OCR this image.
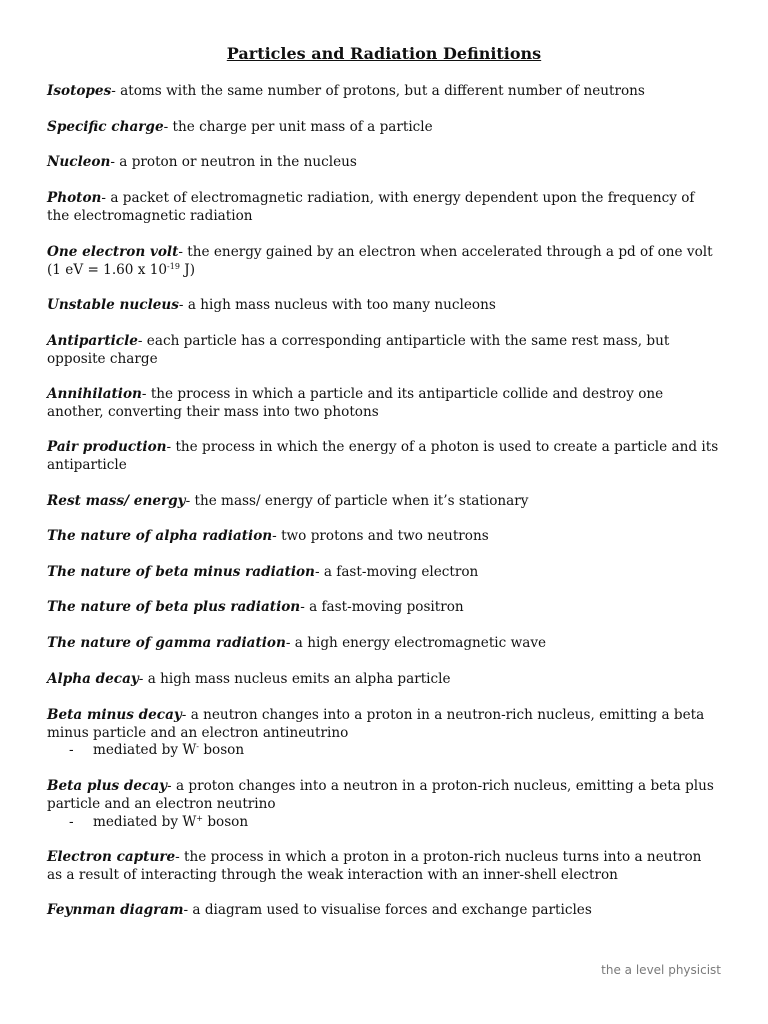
Particles and Radiation Definitions

Isotopes- atoms with the same number of protons, but a different number of neutrons

Specific charge- the charge per unit mass of a particle

Nucleon- a proton or neutron in the nucleus

Photon- a packet of electromagnetic radiation, with energy dependent upon the frequency of the electromagnetic radiation

One electron volt- the energy gained by an electron when accelerated through a pd of one volt (1 eV = 1.60 x $10^{-19}$ J)

Unstable nucleus- a high mass nucleus with too many nucleons

Antiparticle- each particle has a corresponding antiparticle with the same rest mass, but opposite charge

Annihilation- the process in which a particle and its antiparticle collide and destroy one another, converting their mass into two photons

Pair production- the process in which the energy of a photon is used to create a particle and its antiparticle

Rest mass/ energy- the mass/ energy of particle when it’s stationary

The nature of alpha radiation- two protons and two neutrons

The nature of beta minus radiation- a fast-moving electron

The nature of beta plus radiation- a fast-moving positron

The nature of gamma radiation- a high energy electromagnetic wave

Alpha decay- a high mass nucleus emits an alpha particle

Beta minus decay- a neutron changes into a proton in a neutron-rich nucleus, emitting a beta minus particle and an electron antineutrino

- mediated by W- boson

Beta plus decay- a proton changes into a neutron in a proton-rich nucleus, emitting a beta plus particle and an electron neutrino

- mediated by W+ boson

Electron capture- the process in which a proton in a proton-rich nucleus turns into a neutron as a result of interacting through the weak interaction with an inner-shell electron

Feynman diagram- a diagram used to visualise forces and exchange particles

the a level physicist
